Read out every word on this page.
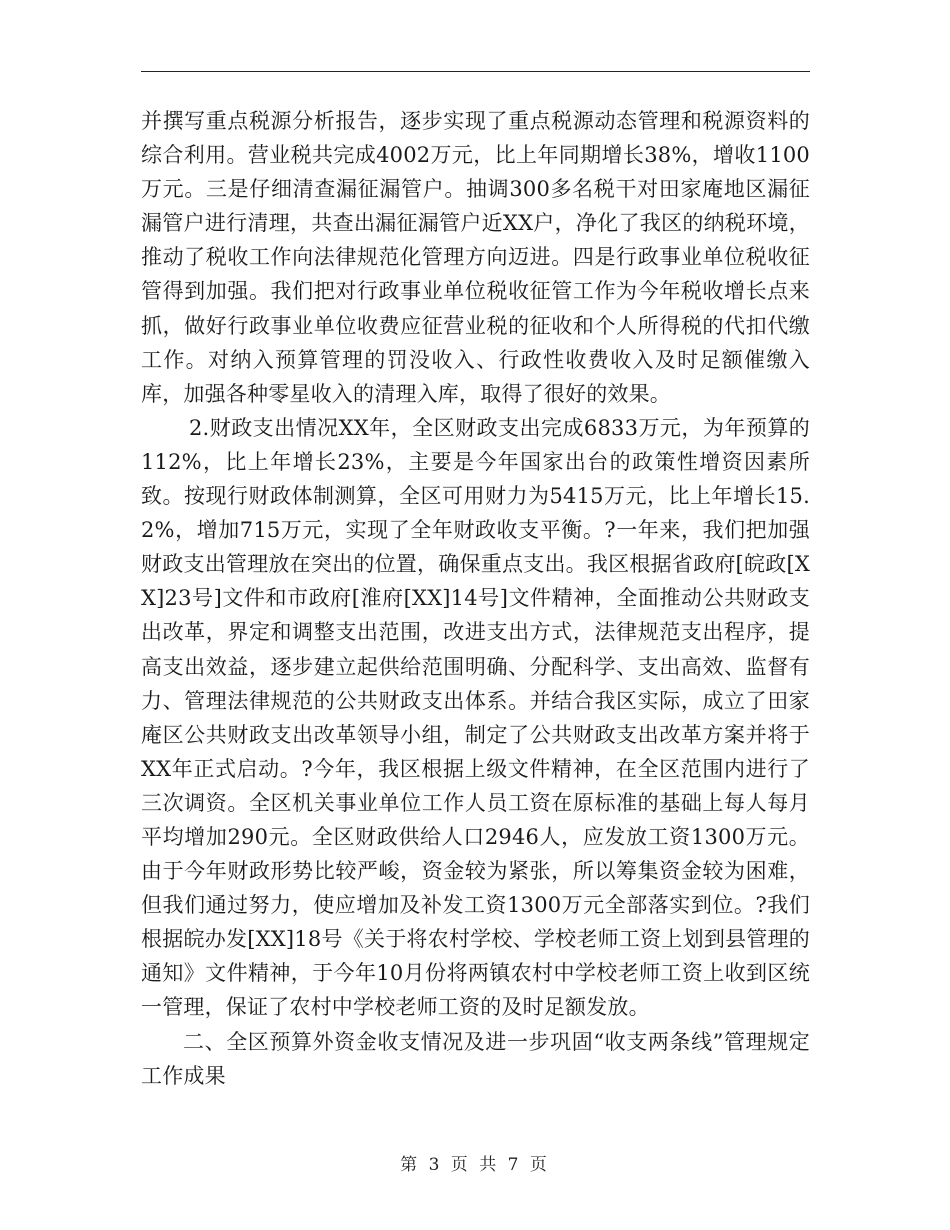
并撰写重点税源分析报告，逐步实现了重点税源动态管理和税源资料的综合利用。营业税共完成4002万元，比上年同期增长38%，增收1100万元。三是仔细清查漏征漏管户。抽调300多名税干对田家庵地区漏征漏管户进行清理，共查出漏征漏管户近XX户，净化了我区的纳税环境，推动了税收工作向法律规范化管理方向迈进。四是行政事业单位税收征管得到加强。我们把对行政事业单位税收征管工作为今年税收增长点来抓，做好行政事业单位收费应征营业税的征收和个人所得税的代扣代缴工作。对纳入预算管理的罚没收入、行政性收费收入及时足额催缴入库，加强各种零星收入的清理入库，取得了很好的效果。

2.财政支出情况XX年，全区财政支出完成6833万元，为年预算的112%，比上年增长23%，主要是今年国家出台的政策性增资因素所致。按现行财政体制测算，全区可用财力为5415万元，比上年增长15.2%，增加715万元，实现了全年财政收支平衡。?一年来，我们把加强财政支出管理放在突出的位置，确保重点支出。我区根据省政府[皖政[XX]23号]文件和市政府[淮府[XX]14号]文件精神，全面推动公共财政支出改革，界定和调整支出范围，改进支出方式，法律规范支出程序，提高支出效益，逐步建立起供给范围明确、分配科学、支出高效、监督有力、管理法律规范的公共财政支出体系。并结合我区实际，成立了田家庵区公共财政支出改革领导小组，制定了公共财政支出改革方案并将于XX年正式启动。?今年，我区根据上级文件精神，在全区范围内进行了三次调资。全区机关事业单位工作人员工资在原标准的基础上每人每月平均增加290元。全区财政供给人口2946人，应发放工资1300万元。由于今年财政形势比较严峻，资金较为紧张，所以筹集资金较为困难，但我们通过努力，使应增加及补发工资1300万元全部落实到位。?我们根据皖办发[XX]18号《关于将农村学校、学校老师工资上划到县管理的通知》文件精神，于今年10月份将两镇农村中学校老师工资上收到区统一管理，保证了农村中学校老师工资的及时足额发放。

二、全区预算外资金收支情况及进一步巩固“收支两条线”管理规定工作成果

第 3 页 共 7 页
